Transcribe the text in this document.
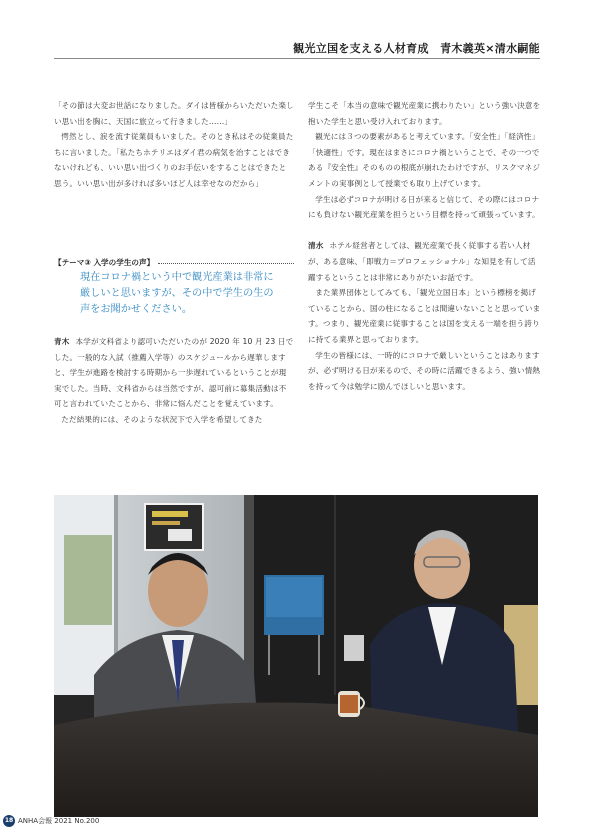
観光立国を支える人材育成　青木義英×清水嗣能

「その節は大変お世話になりました。ダイは皆様からいただいた楽しい思い出を胸に、天国に旅立って行きました……」

愕然とし、涙を流す従業員もいました。そのとき私はその従業員たちに言いました。「私たちホテリエはダイ君の病気を治すことはできないけれども、いい思い出づくりのお手伝いをすることはできたと思う。いい思い出が多ければ多いほど人は幸せなのだから」

【テーマ③ 入学の学生の声】
現在コロナ禍という中で観光産業は非常に厳しいと思いますが、その中で学生の生の声をお聞かせください。

青木 本学が文科省より認可いただいたのが 2020 年 10 月 23 日でした。一般的な入試（推薦入学等）のスケジュールから遅華しますと、学生が進路を検討する時期から一歩遅れているということが現実でした。当時、文科省からは当然ですが、認可前に募集活動は不可と言われていたことから、非常に悩んだことを覚えています。

ただ結果的には、そのような状況下で入学を希望してきた

学生こそ「本当の意味で観光産業に携わりたい」という強い決意を抱いた学生と思い受け入れております。

観光には３つの要素があると考えています。「安全性」「経済性」「快適性」です。現在はまさにコロナ禍ということで、その一つである『安全性』そのものの根底が崩れたわけですが、リスクマネジメントの実事例として授業でも取り上げています。

学生は必ずコロナが明ける日が来ると信じて、その際にはコロナにも負けない観光産業を担うという目標を持って頑張っています。

清水 ホテル経営者としては、観光産業で長く従事する若い人材が、ある意味、「即戦力＝プロフェッショナル」な知見を有して活躍するということは非常にありがたいお話です。

また業界団体としてみても、「観光立国日本」という標榜を掲げていることから、国の柱になることは間違いないことと思っています。つまり、観光産業に従事することは国を支える一端を担う誇りに持てる業界と思っております。

学生の皆様には、一時的にコロナで厳しいということはありますが、必ず明ける日が来るので、その時に活躍できるよう、強い情熱を持って今は勉学に励んでほしいと思います。

18 ANHA会報 2021 No.200
